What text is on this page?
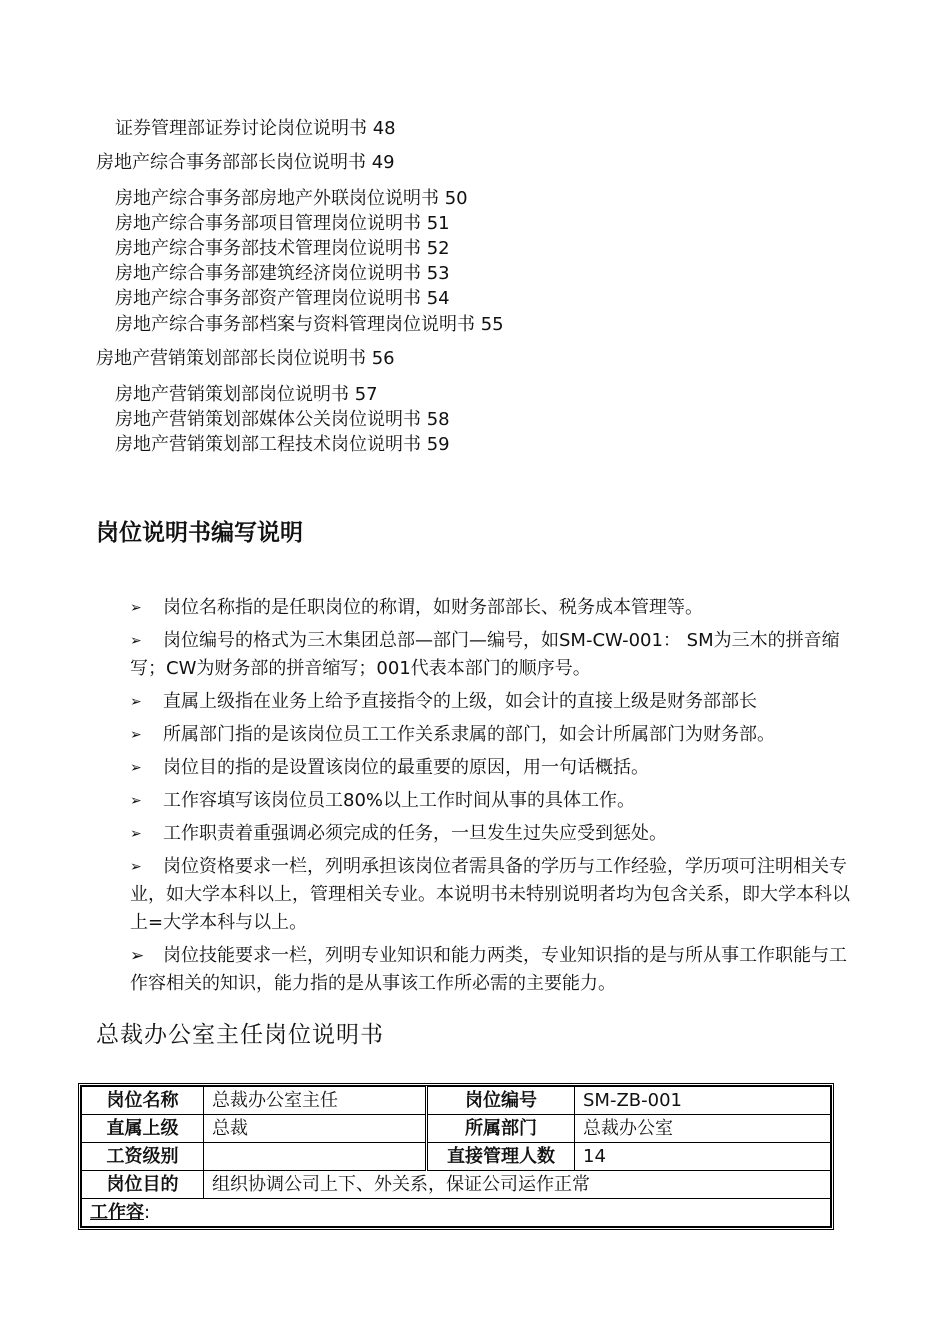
证券管理部证券讨论岗位说明书 48
房地产综合事务部部长岗位说明书 49
房地产综合事务部房地产外联岗位说明书 50
房地产综合事务部项目管理岗位说明书 51
房地产综合事务部技术管理岗位说明书 52
房地产综合事务部建筑经济岗位说明书 53
房地产综合事务部资产管理岗位说明书 54
房地产综合事务部档案与资料管理岗位说明书 55
房地产营销策划部部长岗位说明书 56
房地产营销策划部岗位说明书 57
房地产营销策划部媒体公关岗位说明书 58
房地产营销策划部工程技术岗位说明书 59
岗位说明书编写说明

➢ 岗位名称指的是任职岗位的称谓，如财务部部长、税务成本管理等。

➢ 岗位编号的格式为三木集团总部—部门—编号，如SM-CW-001： SM为三木的拼音缩写；CW为财务部的拼音缩写；001代表本部门的顺序号。

➢ 直属上级指在业务上给予直接指令的上级，如会计的直接上级是财务部部长

➢ 所属部门指的是该岗位员工工作关系隶属的部门，如会计所属部门为财务部。

➢ 岗位目的指的是设置该岗位的最重要的原因，用一句话概括。

➢ 工作容填写该岗位员工80%以上工作时间从事的具体工作。

➢ 工作职责着重强调必须完成的任务，一旦发生过失应受到惩处。

➢ 岗位资格要求一栏，列明承担该岗位者需具备的学历与工作经验，学历项可注明相关专业，如大学本科以上，管理相关专业。本说明书未特别说明者均为包含关系，即大学本科以上=大学本科与以上。

➢ 岗位技能要求一栏，列明专业知识和能力两类，专业知识指的是与所从事工作职能与工作容相关的知识，能力指的是从事该工作所必需的主要能力。

总裁办公室主任岗位说明书
岗位名称	总裁办公室主任	岗位编号	SM-ZB-001
直属上级	总裁	所属部门	总裁办公室
工资级别		直接管理人数	14
岗位目的	组织协调公司上下、外关系，保证公司运作正常		
工作容:			
